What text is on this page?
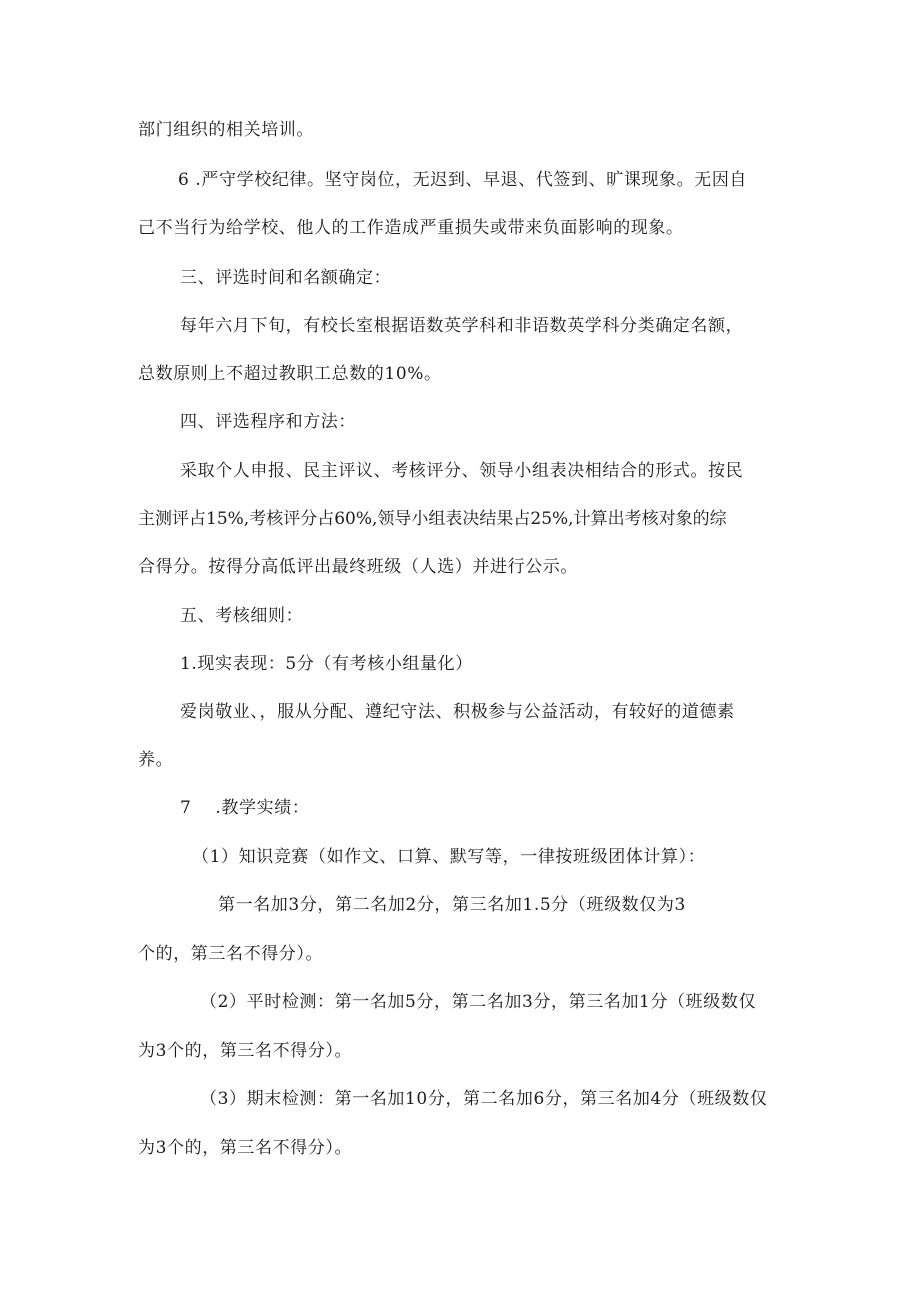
部门组织的相关培训。
6 .严守学校纪律。坚守岗位，无迟到、早退、代签到、旷课现象。无因自
己不当行为给学校、他人的工作造成严重损失或带来负面影响的现象。
三、评选时间和名额确定：
每年六月下旬，有校长室根据语数英学科和非语数英学科分类确定名额，
总数原则上不超过教职工总数的10%。
四、评选程序和方法：
采取个人申报、民主评议、考核评分、领导小组表决相结合的形式。按民
主测评占15%,考核评分占60%,领导小组表决结果占25%,计算出考核对象的综
合得分。按得分高低评出最终班级（人选）并进行公示。
五、考核细则：
1.现实表现：5分（有考核小组量化）
爱岗敬业、，服从分配、遵纪守法、积极参与公益活动，有较好的道德素
养。
7    .教学实绩：
（1）知识竞赛（如作文、口算、默写等，一律按班级团体计算）：
第一名加3分，第二名加2分，第三名加1.5分（班级数仅为3
个的，第三名不得分）。
（2）平时检测：第一名加5分，第二名加3分，第三名加1分（班级数仅
为3个的，第三名不得分）。
（3）期末检测：第一名加10分，第二名加6分，第三名加4分（班级数仅
为3个的，第三名不得分）。
